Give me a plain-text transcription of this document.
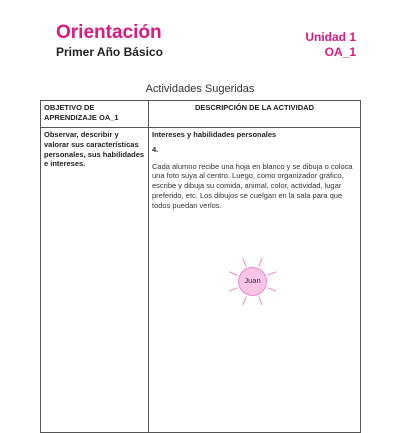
Orientación
Primer Año Básico
Unidad 1
OA_1
Actividades Sugeridas
OBJETIVO DE APRENDIZAJE OA_1	DESCRIPCIÓN DE LA ACTIVIDAD

Observar, describir y valorar sus características personales, sus habilidades e intereses.	Intereses y habilidades personales
4.
Cada alumno recibe una hoja en blanco y se dibuja o coloca una foto suya al centro. Luego, como organizador gráfico, escribe y dibuja su comida, animal, color, actividad, lugar preferido, etc. Los dibujos se cuelgan en la sala para que todos puedan verlos.
Juan
